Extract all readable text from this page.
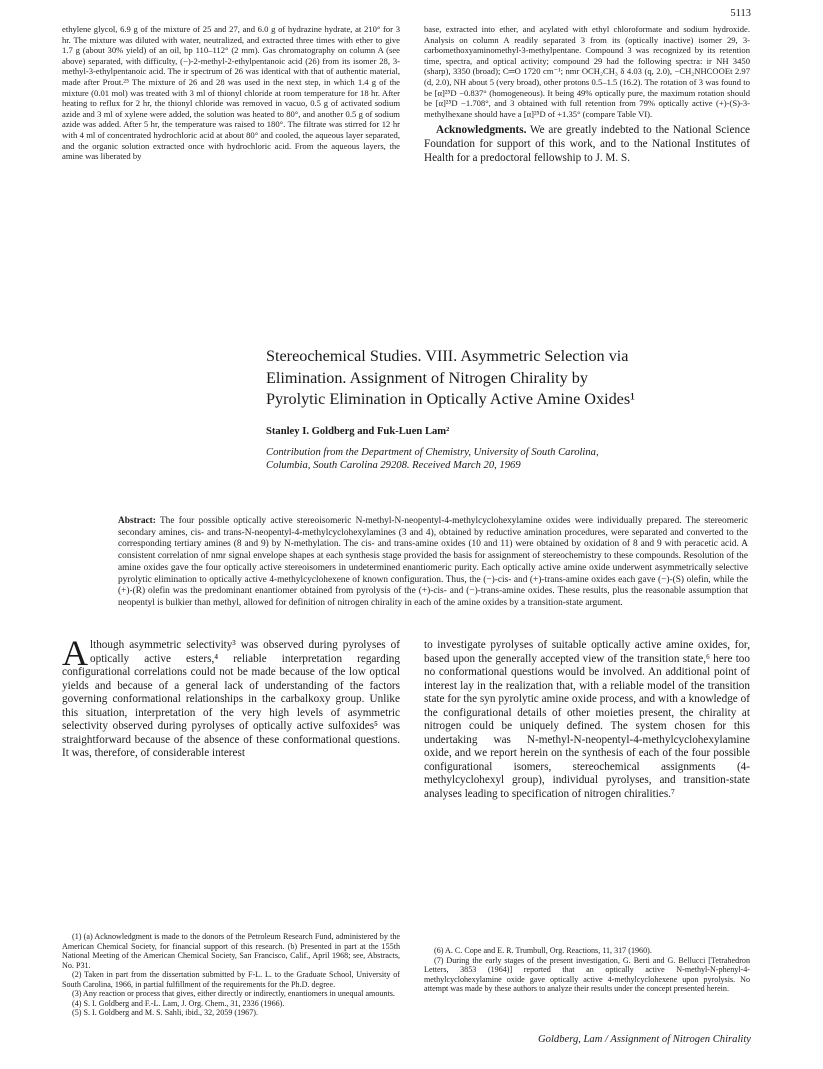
5113

ethylene glycol, 6.9 g of the mixture of 25 and 27, and 6.0 g of hydrazine hydrate, at 210° for 3 hr. The mixture was diluted with water, neutralized, and extracted three times with ether to give 1.7 g (about 30% yield) of an oil, bp 110–112° (2 mm). Gas chromatography on column A (see above) separated, with difficulty, (−)-2-methyl-2-ethylpentanoic acid (26) from its isomer 28, 3-methyl-3-ethylpentanoic acid. The ir spectrum of 26 was identical with that of authentic material, made after Prout.²⁵ The mixture of 26 and 28 was used in the next step, in which 1.4 g of the mixture (0.01 mol) was treated with 3 ml of thionyl chloride at room temperature for 18 hr. After heating to reflux for 2 hr, the thionyl chloride was removed in vacuo, 0.5 g of activated sodium azide and 3 ml of xylene were added, the solution was heated to 80°, and another 0.5 g of sodium azide was added. After 5 hr, the temperature was raised to 180°. The filtrate was stirred for 12 hr with 4 ml of concentrated hydrochloric acid at about 80° and cooled, the aqueous layer separated, and the organic solution extracted once with hydrochloric acid. From the aqueous layers, the amine was liberated by

base, extracted into ether, and acylated with ethyl chloroformate and sodium hydroxide. Analysis on column A readily separated 3 from its (optically inactive) isomer 29, 3-carbomethoxyaminomethyl-3-methylpentane. Compound 3 was recognized by its retention time, spectra, and optical activity; compound 29 had the following spectra: ir NH 3450 (sharp), 3350 (broad); C═O 1720 cm⁻¹; nmr OCH₂CH₃ δ 4.03 (q, 2.0), −CH₂NHCOOEt 2.97 (d, 2.0), NH about 5 (very broad), other protons 0.5–1.5 (16.2). The rotation of 3 was found to be [α]²⁵D −0.837° (homogeneous). It being 49% optically pure, the maximum rotation should be [α]²⁵D −1.708°, and 3 obtained with full retention from 79% optically active (+)-(S)-3-methylhexane should have a [α]²⁵D of +1.35° (compare Table VI).

Acknowledgments. We are greatly indebted to the National Science Foundation for support of this work, and to the National Institutes of Health for a predoctoral fellowship to J. M. S.

Stereochemical Studies. VIII. Asymmetric Selection via
Elimination. Assignment of Nitrogen Chirality by
Pyrolytic Elimination in Optically Active Amine Oxides¹
Stanley I. Goldberg and Fuk-Luen Lam²
Contribution from the Department of Chemistry, University of South Carolina,
Columbia, South Carolina 29208. Received March 20, 1969
Abstract: The four possible optically active stereoisomeric N-methyl-N-neopentyl-4-methylcyclohexylamine oxides were individually prepared. The stereomeric secondary amines, cis- and trans-N-neopentyl-4-methylcyclohexylamines (3 and 4), obtained by reductive amination procedures, were separated and converted to the corresponding tertiary amines (8 and 9) by N-methylation. The cis- and trans-amine oxides (10 and 11) were obtained by oxidation of 8 and 9 with peracetic acid. A consistent correlation of nmr signal envelope shapes at each synthesis stage provided the basis for assignment of stereochemistry to these compounds. Resolution of the amine oxides gave the four optically active stereoisomers in undetermined enantiomeric purity. Each optically active amine oxide underwent asymmetrically selective pyrolytic elimination to optically active 4-methylcyclohexene of known configuration. Thus, the (−)-cis- and (+)-trans-amine oxides each gave (−)-(S) olefin, while the (+)-(R) olefin was the predominant enantiomer obtained from pyrolysis of the (+)-cis- and (−)-trans-amine oxides. These results, plus the reasonable assumption that neopentyl is bulkier than methyl, allowed for definition of nitrogen chirality in each of the amine oxides by a transition-state argument.
Although asymmetric selectivity³ was observed during pyrolyses of optically active esters,⁴ reliable interpretation regarding configurational correlations could not be made because of the low optical yields and because of a general lack of understanding of the factors governing conformational relationships in the carbalkoxy group. Unlike this situation, interpretation of the very high levels of asymmetric selectivity observed during pyrolyses of optically active sulfoxides⁵ was straightforward because of the absence of these conformational questions. It was, therefore, of considerable interest

to investigate pyrolyses of suitable optically active amine oxides, for, based upon the generally accepted view of the transition state,⁶ here too no conformational questions would be involved. An additional point of interest lay in the realization that, with a reliable model of the transition state for the syn pyrolytic amine oxide process, and with a knowledge of the configurational details of other moieties present, the chirality at nitrogen could be uniquely defined. The system chosen for this undertaking was N-methyl-N-neopentyl-4-methylcyclohexylamine oxide, and we report herein on the synthesis of each of the four possible configurational isomers, stereochemical assignments (4-methylcyclohexyl group), individual pyrolyses, and transition-state analyses leading to specification of nitrogen chiralities.⁷

(1) (a) Acknowledgment is made to the donors of the Petroleum Research Fund, administered by the American Chemical Society, for financial support of this research. (b) Presented in part at the 155th National Meeting of the American Chemical Society, San Francisco, Calif., April 1968; see, Abstracts, No. P31.

(2) Taken in part from the dissertation submitted by F-L. L. to the Graduate School, University of South Carolina, 1966, in partial fulfillment of the requirements for the Ph.D. degree.

(3) Any reaction or process that gives, either directly or indirectly, enantiomers in unequal amounts.

(4) S. I. Goldberg and F.-L. Lam, J. Org. Chem., 31, 2336 (1966).

(5) S. I. Goldberg and M. S. Sahli, ibid., 32, 2059 (1967).

(6) A. C. Cope and E. R. Trumbull, Org. Reactions, 11, 317 (1960).

(7) During the early stages of the present investigation, G. Berti and G. Bellucci [Tetrahedron Letters, 3853 (1964)] reported that an optically active N-methyl-N-phenyl-4-methylcyclohexylamine oxide gave optically active 4-methylcyclohexene upon pyrolysis. No attempt was made by these authors to analyze their results under the concept presented herein.

Goldberg, Lam / Assignment of Nitrogen Chirality
